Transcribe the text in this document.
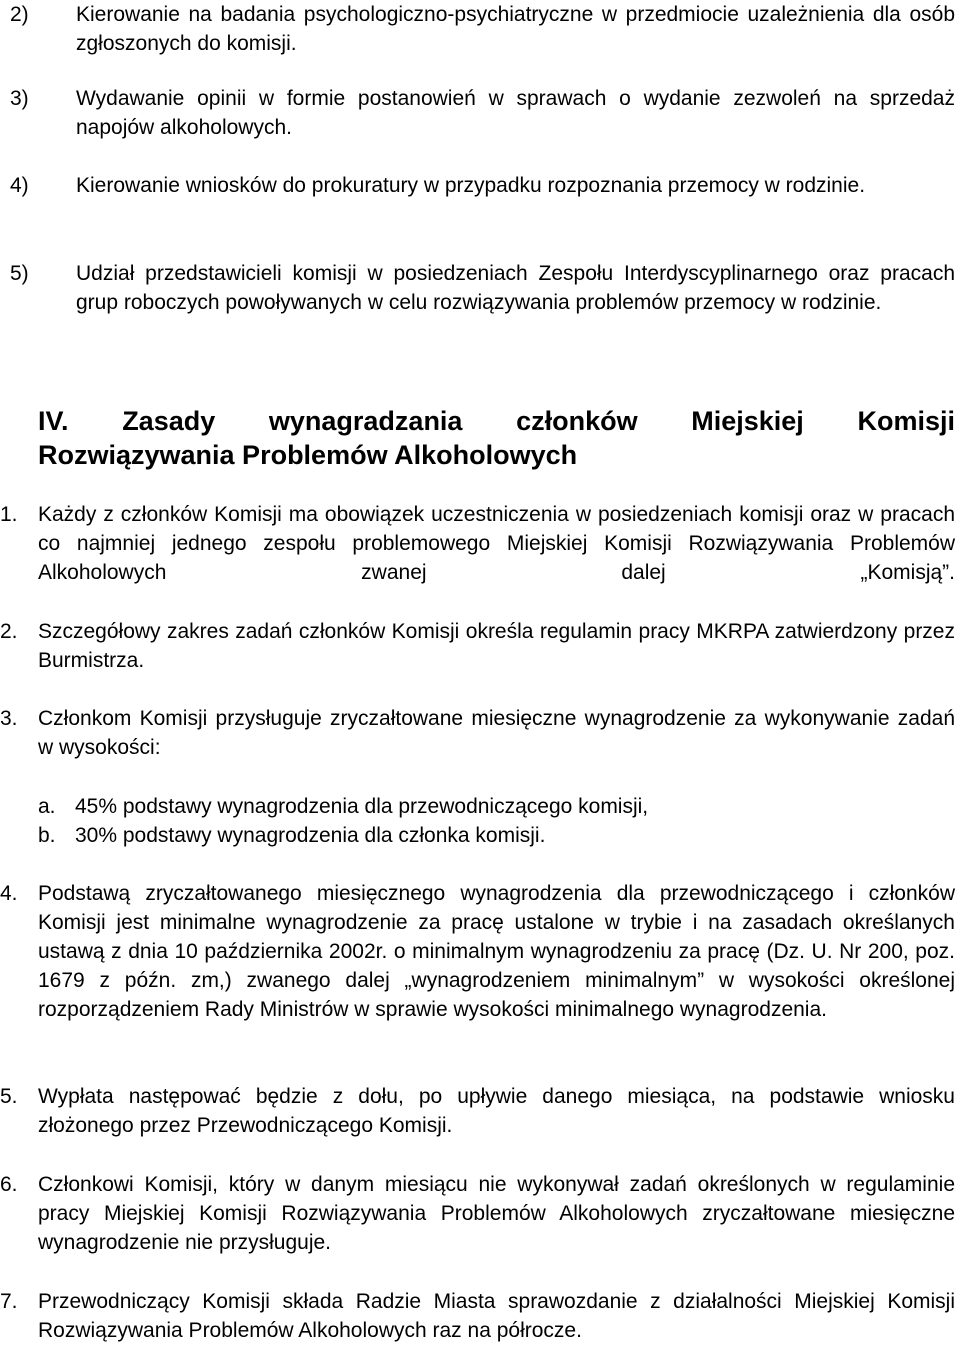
2)	Kierowanie na badania psychologiczno-psychiatryczne w przedmiocie uzależnienia dla osób zgłoszonych do komisji.
3)	Wydawanie opinii w formie postanowień w sprawach o wydanie zezwoleń na sprzedaż napojów alkoholowych.
4)	Kierowanie wniosków do prokuratury w przypadku rozpoznania przemocy w rodzinie.
5)	Udział przedstawicieli komisji w posiedzeniach Zespołu Interdyscyplinarnego oraz pracach grup roboczych powoływanych w celu rozwiązywania problemów przemocy w rodzinie.
IV. Zasady wynagradzania członków Miejskiej Komisji
Rozwiązywania Problemów Alkoholowych
1. Każdy z członków Komisji ma obowiązek uczestniczenia w posiedzeniach komisji oraz w pracach co najmniej jednego zespołu problemowego Miejskiej Komisji Rozwiązywania Problemów Alkoholowych zwanej dalej „Komisją”.
2. Szczegółowy zakres zadań członków Komisji określa regulamin pracy MKRPA zatwierdzony przez Burmistrza.
3. Członkom Komisji przysługuje zryczałtowane miesięczne wynagrodzenie za wykonywanie zadań w wysokości:
a. 45% podstawy wynagrodzenia dla przewodniczącego komisji,
b. 30% podstawy wynagrodzenia dla członka komisji.
4. Podstawą zryczałtowanego miesięcznego wynagrodzenia dla przewodniczącego i członków Komisji jest minimalne wynagrodzenie za pracę ustalone w trybie i na zasadach określanych ustawą z dnia 10 października 2002r. o minimalnym wynagrodzeniu za pracę (Dz. U. Nr 200, poz. 1679 z późn. zm,) zwanego dalej „wynagrodzeniem minimalnym” w wysokości określonej rozporządzeniem Rady Ministrów w sprawie wysokości minimalnego wynagrodzenia.
5. Wypłata następować będzie z dołu, po upływie danego miesiąca, na podstawie wniosku złożonego przez Przewodniczącego Komisji.
6. Członkowi Komisji, który w danym miesiącu nie wykonywał zadań określonych w regulaminie pracy Miejskiej Komisji Rozwiązywania Problemów Alkoholowych zryczałtowane miesięczne wynagrodzenie nie przysługuje.
7. Przewodniczący Komisji składa Radzie Miasta sprawozdanie z działalności Miejskiej Komisji Rozwiązywania Problemów Alkoholowych raz na półrocze.
